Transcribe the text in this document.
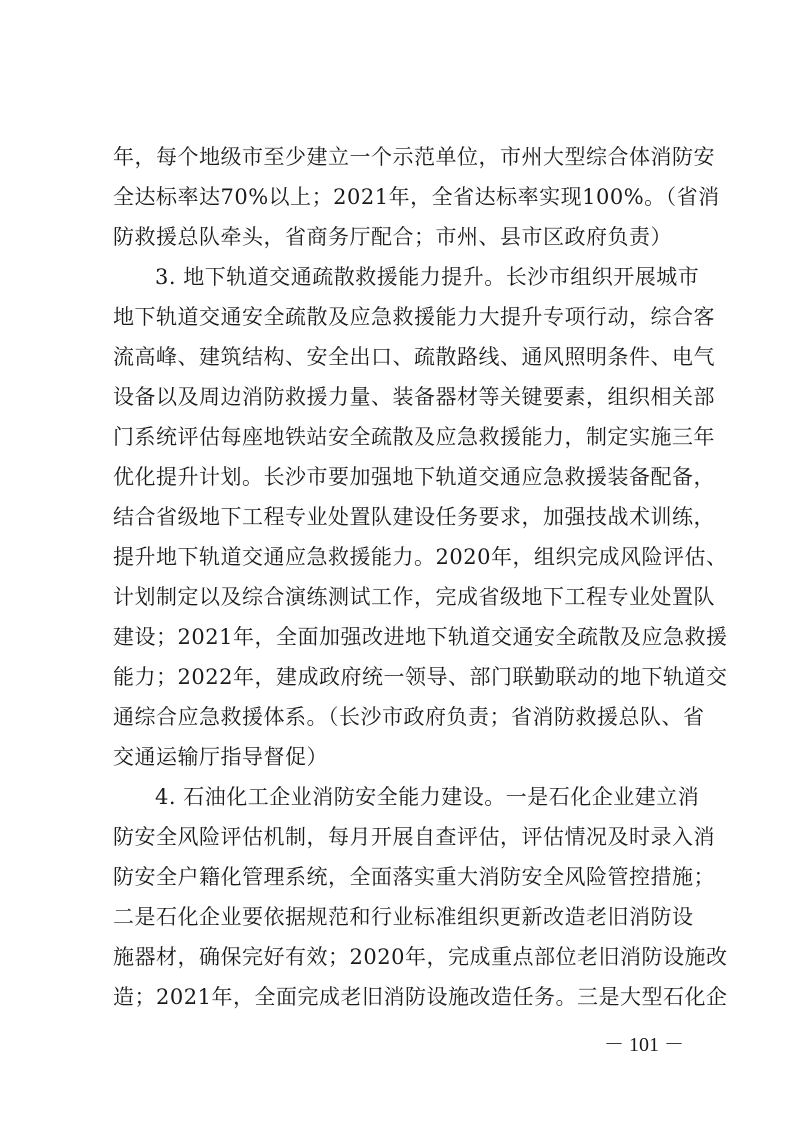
年，每个地级市至少建立一个示范单位，市州大型综合体消防安
全达标率达70%以上；2021年，全省达标率实现100%。（省消
防救援总队牵头，省商务厅配合；市州、县市区政府负责）
3. 地下轨道交通疏散救援能力提升。长沙市组织开展城市
地下轨道交通安全疏散及应急救援能力大提升专项行动，综合客
流高峰、建筑结构、安全出口、疏散路线、通风照明条件、电气
设备以及周边消防救援力量、装备器材等关键要素，组织相关部
门系统评估每座地铁站安全疏散及应急救援能力，制定实施三年
优化提升计划。长沙市要加强地下轨道交通应急救援装备配备，
结合省级地下工程专业处置队建设任务要求，加强技战术训练，
提升地下轨道交通应急救援能力。2020年，组织完成风险评估、
计划制定以及综合演练测试工作，完成省级地下工程专业处置队
建设；2021年，全面加强改进地下轨道交通安全疏散及应急救援
能力；2022年，建成政府统一领导、部门联勤联动的地下轨道交
通综合应急救援体系。（长沙市政府负责；省消防救援总队、省
交通运输厅指导督促）
4. 石油化工企业消防安全能力建设。一是石化企业建立消
防安全风险评估机制，每月开展自查评估，评估情况及时录入消
防安全户籍化管理系统，全面落实重大消防安全风险管控措施；
二是石化企业要依据规范和行业标准组织更新改造老旧消防设
施器材，确保完好有效；2020年，完成重点部位老旧消防设施改
造；2021年，全面完成老旧消防设施改造任务。三是大型石化企
－ 101 －
